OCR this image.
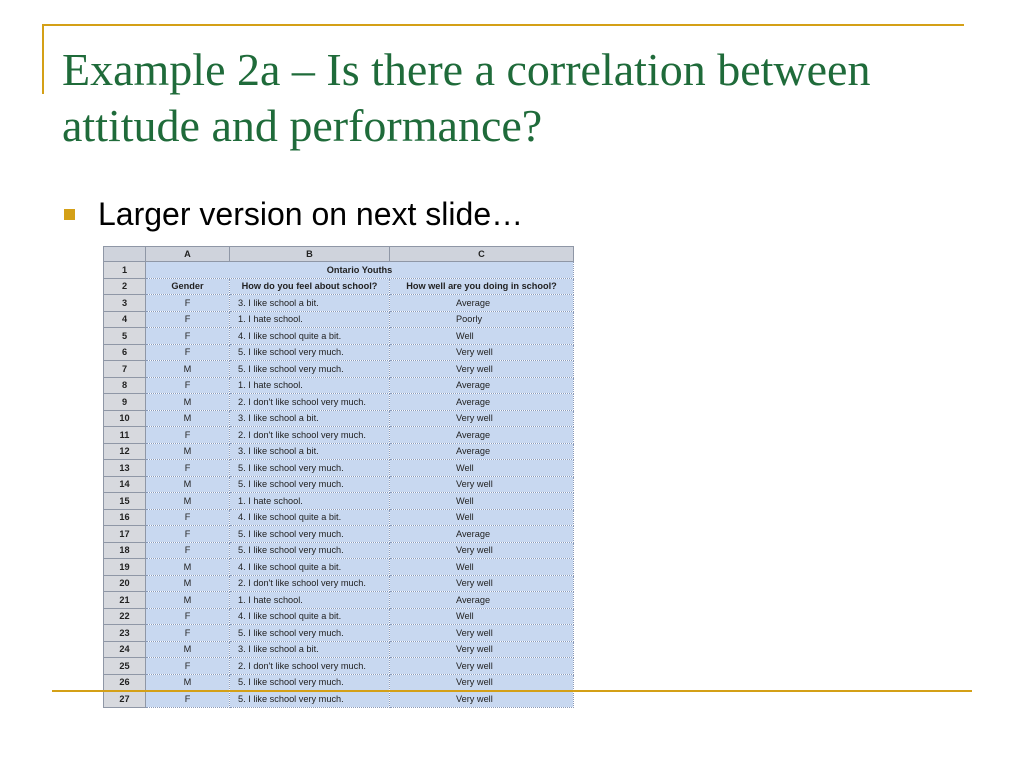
Example 2a – Is there a correlation between attitude and performance?
Larger version on next slide…
	A	B	C
1	Ontario Youths		
2	Gender	How do you feel about school?	How well are you doing in school?
3	F	3. I like school a bit.	Average
4	F	1. I hate school.	Poorly
5	F	4. I like school quite a bit.	Well
6	F	5. I like school very much.	Very well
7	M	5. I like school very much.	Very well
8	F	1. I hate school.	Average
9	M	2. I don't like school very much.	Average
10	M	3. I like school a bit.	Very well
11	F	2. I don't like school very much.	Average
12	M	3. I like school a bit.	Average
13	F	5. I like school very much.	Well
14	M	5. I like school very much.	Very well
15	M	1. I hate school.	Well
16	F	4. I like school quite a bit.	Well
17	F	5. I like school very much.	Average
18	F	5. I like school very much.	Very well
19	M	4. I like school quite a bit.	Well
20	M	2. I don't like school very much.	Very well
21	M	1. I hate school.	Average
22	F	4. I like school quite a bit.	Well
23	F	5. I like school very much.	Very well
24	M	3. I like school a bit.	Very well
25	F	2. I don't like school very much.	Very well
26	M	5. I like school very much.	Very well
27	F	5. I like school very much.	Very well
